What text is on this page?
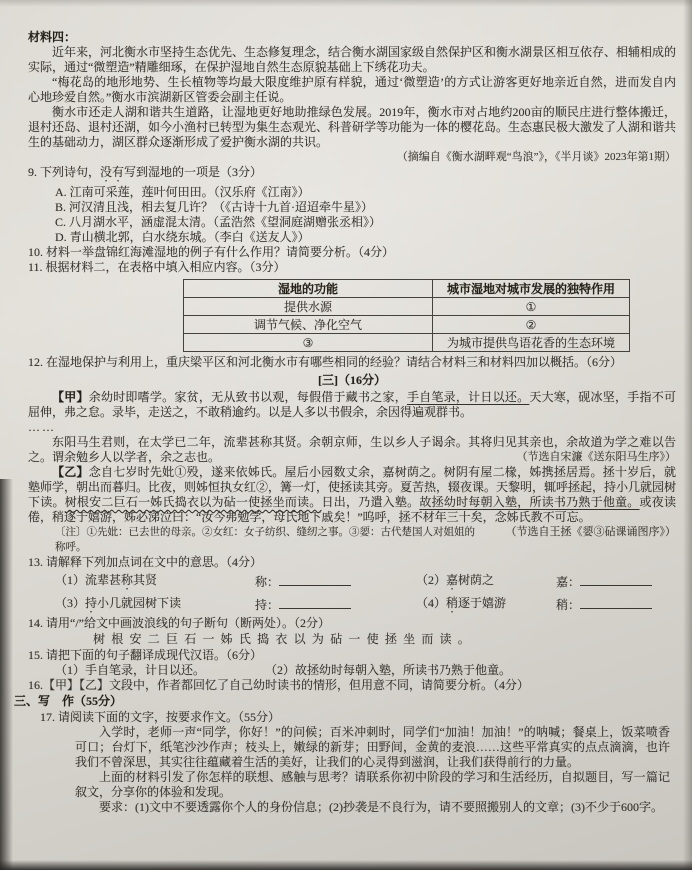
材料四：

近年来，河北衡水市坚持生态优先、生态修复理念，结合衡水湖国家级自然保护区和衡水湖景区相互依存、相辅相成的实际，通过“微塑造”精雕细琢，在保护湿地自然生态原貌基础上下绣花功夫。

“梅花岛的地形地势、生长植物等均最大限度维护原有样貌，通过‘微塑造’的方式让游客更好地亲近自然，进而发自内心地珍爱自然。”衡水市滨湖新区管委会副主任说。

衡水市还走人湖和谐共生道路，让湿地更好地助推绿色发展。2019年，衡水市对占地约200亩的顺民庄进行整体搬迁，退村还岛、退村还湖，如今小渔村已转型为集生态观光、科普研学等功能为一体的樱花岛。生态惠民极大激发了人湖和谐共生的基础动力，湖区群众逐渐形成了爱护衡水湖的共识。

（摘编自《衡水湖畔观“鸟浪”》，《半月谈》2023年第1期）

9. 下列诗句，没有写到湿地的一项是（3分）

A. 江南可采莲，莲叶何田田。（汉乐府《江南》）

B. 河汉清且浅，相去复几许？（《古诗十九首·迢迢牵牛星》）

C. 八月湖水平，涵虚混太清。（孟浩然《望洞庭湖赠张丞相》）

D. 青山横北郭，白水绕东城。（李白《送友人》）

10. 材料一举盘锦红海滩湿地的例子有什么作用？请简要分析。（4分）

11. 根据材料二，在表格中填入相应内容。（3分）

湿地的功能	城市湿地对城市发展的独特作用
提供水源	①
调节气候、净化空气	②
③	为城市提供鸟语花香的生态环境

12. 在湿地保护与利用上，重庆梁平区和河北衡水市有哪些相同的经验？请结合材料三和材料四加以概括。（6分）

[三]（16分）

【甲】余幼时即嗜学。家贫，无从致书以观，每假借于藏书之家，手自笔录，计日以还。天大寒，砚冰坚，手指不可屈伸，弗之怠。录毕，走送之，不敢稍逾约。以是人多以书假余，余因得遍观群书。

……

东阳马生君则，在太学已二年，流辈甚称其贤。余朝京师，生以乡人子谒余。其将归见其亲也，余故道为学之难以告之。谓余勉乡人以学者，余之志也。	（节选自宋濂《送东阳马生序》）

【乙】念自七岁时先妣①殁，遂来依姊氏。屋后小园数丈余，嘉树荫之。树阴有屋二椽，姊携拯居焉。拯十岁后，就塾师学，朝出而暮归。比夜，则姊恒执女红②，篝一灯，使拯读其旁。夏苦热，辍夜课。天黎明，辄呼拯起，持小几就园树下读。树根安二巨石一姊氏捣衣以为砧一使拯坐而读。日出，乃遣入塾。故拯幼时每朝入塾，所读书乃熟于他童。或夜读倦，稍逐于嬉游，姊必涕泣曰：“汝今弗勉学，母氏地下戚矣！”呜呼，拯不材年三十矣，念姊氏教不可忘。
（节选自王拯《媭③砧课诵图序》）

〔注〕①先妣：已去世的母亲。②女红：女子纺织、缝纫之事。③媭：古代楚国人对姐姐的称呼。

13. 请解释下列加点词在文中的意思。（4分）

（1）流辈甚称其贤	称：	（2）嘉树荫之	嘉：
（3）持小几就园树下读	持：	（4）稍逐于嬉游	稍：

14. 请用“/”给文中画波浪线的句子断句（断两处）。（2分）

树根安二巨石一姊氏捣衣以为砧一使拯坐而读。

15. 请把下面的句子翻译成现代汉语。（6分）

（1）手自笔录，计日以还。	（2）故拯幼时每朝入塾，所读书乃熟于他童。

16.【甲】【乙】文段中，作者都回忆了自己幼时读书的情形，但用意不同，请简要分析。（4分）

三、写　作（55分）

17. 请阅读下面的文字，按要求作文。（55分）

入学时，老师一声“同学，你好！”的问候；百米冲刺时，同学们“加油！加油！”的呐喊；餐桌上，饭菜喷香可口；台灯下，纸笔沙沙作声；枝头上，嫩绿的新芽；田野间，金黄的麦浪……这些平常真实的点点滴滴，也许我们不曾深思，其实往往蕴藏着生活的美好，让我们的心灵得到滋润，让我们获得前行的力量。

上面的材料引发了你怎样的联想、感触与思考？请联系你初中阶段的学习和生活经历，自拟题目，写一篇记叙文，分享你的体验和发现。

要求：(1)文中不要透露你个人的身份信息；(2)抄袭是不良行为，请不要照搬别人的文章；(3)不少于600字。
